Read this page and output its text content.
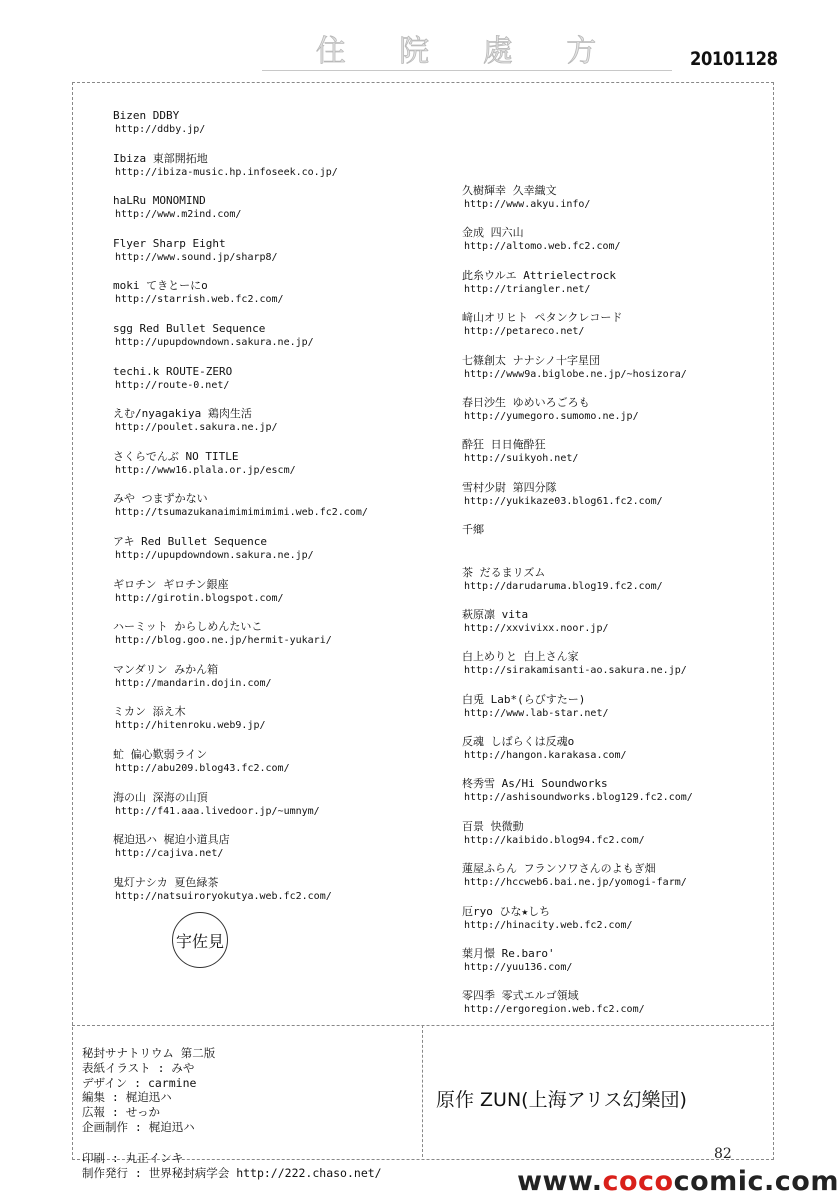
住 院 處 方	20101128
Bizen DDBY
http://ddby.jp/
Ibiza 東部開拓地
http://ibiza-music.hp.infoseek.co.jp/
haLRu MONOMIND
http://www.m2ind.com/
Flyer Sharp Eight
http://www.sound.jp/sharp8/
moki てきとーにo
http://starrish.web.fc2.com/
sgg Red Bullet Sequence
http://upupdowndown.sakura.ne.jp/
techi.k ROUTE-ZERO
http://route-0.net/
えむ/nyagakiya 鶏肉生活
http://poulet.sakura.ne.jp/
さくらでんぶ NO TITLE
http://www16.plala.or.jp/escm/
みや つまずかない
http://tsumazukanaimimimimimi.web.fc2.com/
アキ Red Bullet Sequence
http://upupdowndown.sakura.ne.jp/
ギロチン ギロチン銀座
http://girotin.blogspot.com/
ハーミット からしめんたいこ
http://blog.goo.ne.jp/hermit-yukari/
マンダリン みかん箱
http://mandarin.dojin.com/
ミカン 添え木
http://hitenroku.web9.jp/
虻 偏心歎弱ライン
http://abu209.blog43.fc2.com/
海の山 深海の山頂
http://f41.aaa.livedoor.jp/~umnym/
梶迫迅ハ 梶迫小道具店
http://cajiva.net/
鬼灯ナシカ 夏色緑茶
http://natsuiroryokutya.web.fc2.com/
久樹輝幸 久幸織文
http://www.akyu.info/
金成 四六山
http://altomo.web.fc2.com/
此糸ウルエ Attrielectrock
http://triangler.net/
﨑山オリヒト ペタンクレコード
http://petareco.net/
七篠創太 ナナシノ十字星団
http://www9a.biglobe.ne.jp/~hosizora/
春日沙生 ゆめいろごろも
http://yumegoro.sumomo.ne.jp/
酔狂 日日俺酔狂
http://suikyoh.net/
雪村少尉 第四分隊
http://yukikaze03.blog61.fc2.com/
千鄉
茶 だるまリズム
http://darudaruma.blog19.fc2.com/
萩原凛 vita
http://xxvivixx.noor.jp/
白上めりと 白上さん家
http://sirakamisanti-ao.sakura.ne.jp/
白兎 Lab*(らびすたー)
http://www.lab-star.net/
反魂 しばらくは反魂o
http://hangon.karakasa.com/
柊秀雪 As/Hi Soundworks
http://ashisoundworks.blog129.fc2.com/
百景 快微動
http://kaibido.blog94.fc2.com/
蓮屋ふらん フランソワさんのよもぎ畑
http://hccweb6.bai.ne.jp/yomogi-farm/
厄ryo ひな★しち
http://hinacity.web.fc2.com/
葉月憬 Re.baro'
http://yuu136.com/
零四季 零式エルゴ領域
http://ergoregion.web.fc2.com/
宇佐見
秘封サナトリウム 第二版
表紙イラスト : みや
デザイン : carmine
編集 : 梶迫迅ハ
広報 : せっか
企画制作 : 梶迫迅ハ
印刷 : 丸正インキ
制作発行 : 世界秘封病学会 http://222.chaso.net/
原作 ZUN(上海アリス幻樂団)
82
www.cococomic.com
